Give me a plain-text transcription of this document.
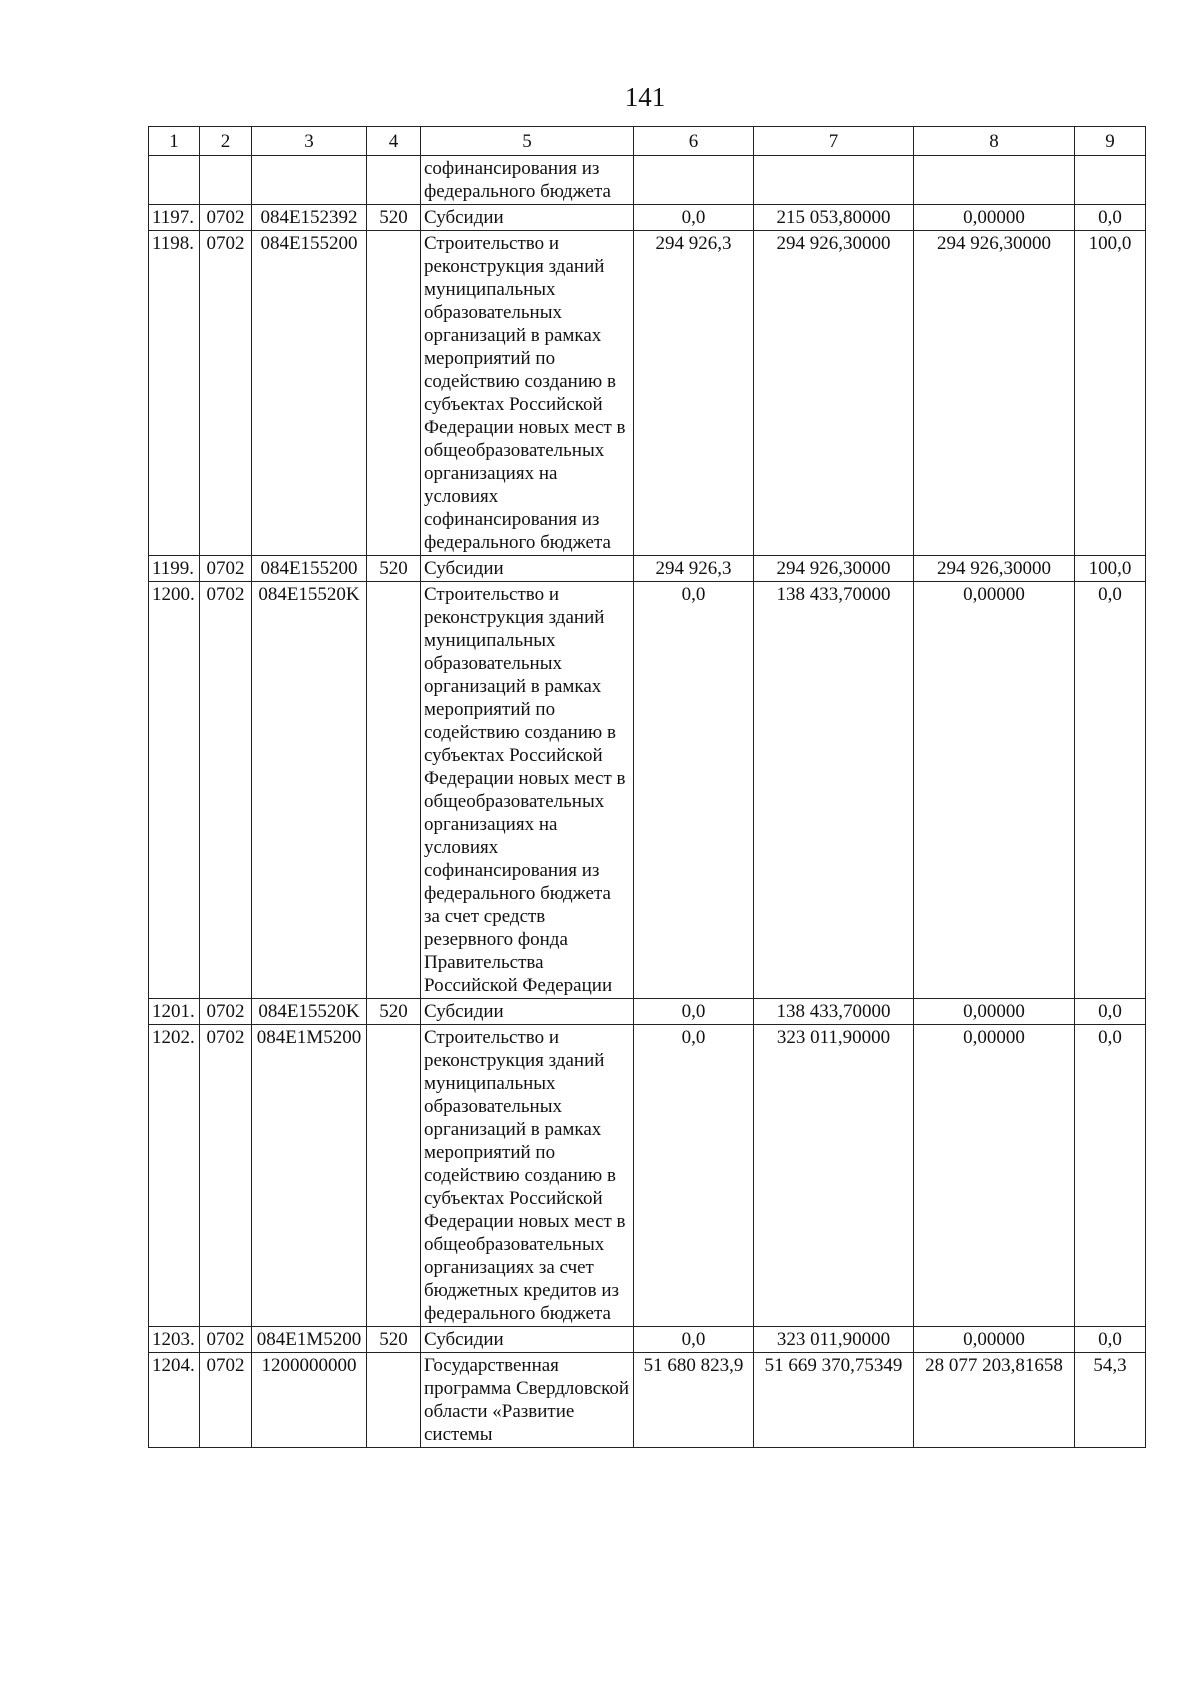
141
1	2	3	4	5	6	7	8	9
				софинансирования из федерального бюджета				
1197.	0702	084E152392	520	Субсидии	0,0	215 053,80000	0,00000	0,0
1198.	0702	084E155200		Строительство и реконструкция зданий муниципальных образовательных организаций в рамках мероприятий по содействию созданию в субъектах Российской Федерации новых мест в общеобразовательных организациях на условиях софинансирования из федерального бюджета	294 926,3	294 926,30000	294 926,30000	100,0
1199.	0702	084E155200	520	Субсидии	294 926,3	294 926,30000	294 926,30000	100,0
1200.	0702	084E15520K		Строительство и реконструкция зданий муниципальных образовательных организаций в рамках мероприятий по содействию созданию в субъектах Российской Федерации новых мест в общеобразовательных организациях на условиях софинансирования из федерального бюджета за счет средств резервного фонда Правительства Российской Федерации	0,0	138 433,70000	0,00000	0,0
1201.	0702	084E15520K	520	Субсидии	0,0	138 433,70000	0,00000	0,0
1202.	0702	084E1M5200		Строительство и реконструкция зданий муниципальных образовательных организаций в рамках мероприятий по содействию созданию в субъектах Российской Федерации новых мест в общеобразовательных организациях за счет бюджетных кредитов из федерального бюджета	0,0	323 011,90000	0,00000	0,0
1203.	0702	084E1M5200	520	Субсидии	0,0	323 011,90000	0,00000	0,0
1204.	0702	1200000000		Государственная программа Свердловской области «Развитие системы	51 680 823,9	51 669 370,75349	28 077 203,81658	54,3
